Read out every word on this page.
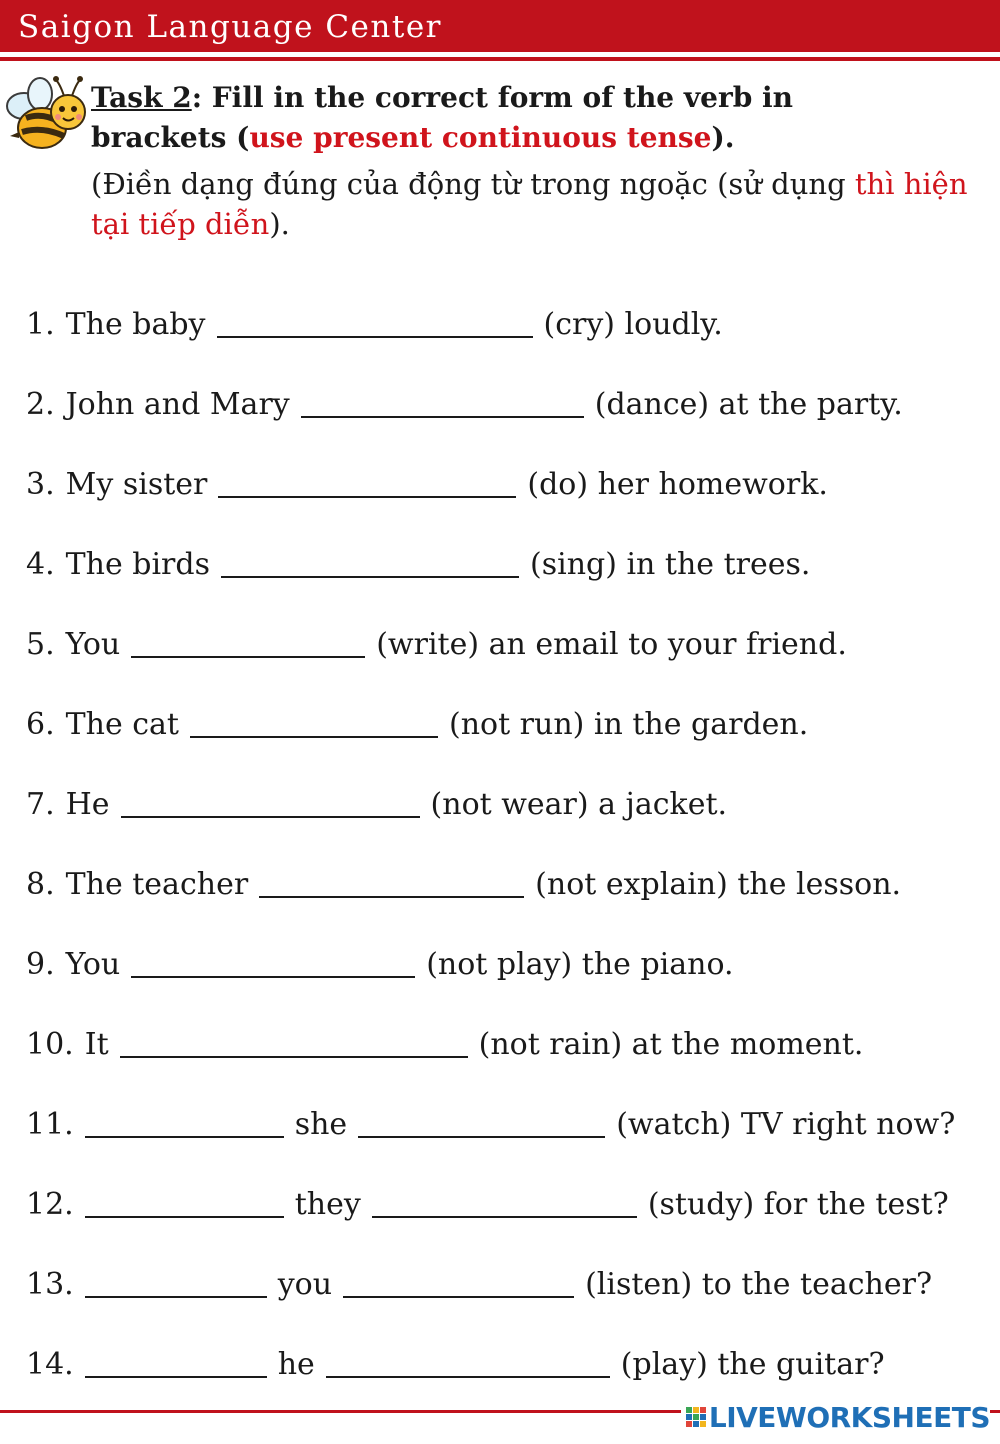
Saigon Language Center
Task 2: Fill in the correct form of the verb in
brackets (use present continuous tense).
(Điền dạng đúng của động từ trong ngoặc (sử dụng thì hiện tại tiếp diễn).
1. The baby	(cry) loudly.
2. John and Mary	(dance) at the party.
3. My sister	(do) her homework.
4. The birds	(sing) in the trees.
5. You	(write) an email to your friend.
6. The cat	(not run) in the garden.
7. He	(not wear) a jacket.
8. The teacher	(not explain) the lesson.
9. You	(not play) the piano.
10. It	(not rain) at the moment.
11.	she	(watch) TV right now?
12.	they	(study) for the test?
13.	you	(listen) to the teacher?
14.	he	(play) the guitar?
LIVEWORKSHEETS
